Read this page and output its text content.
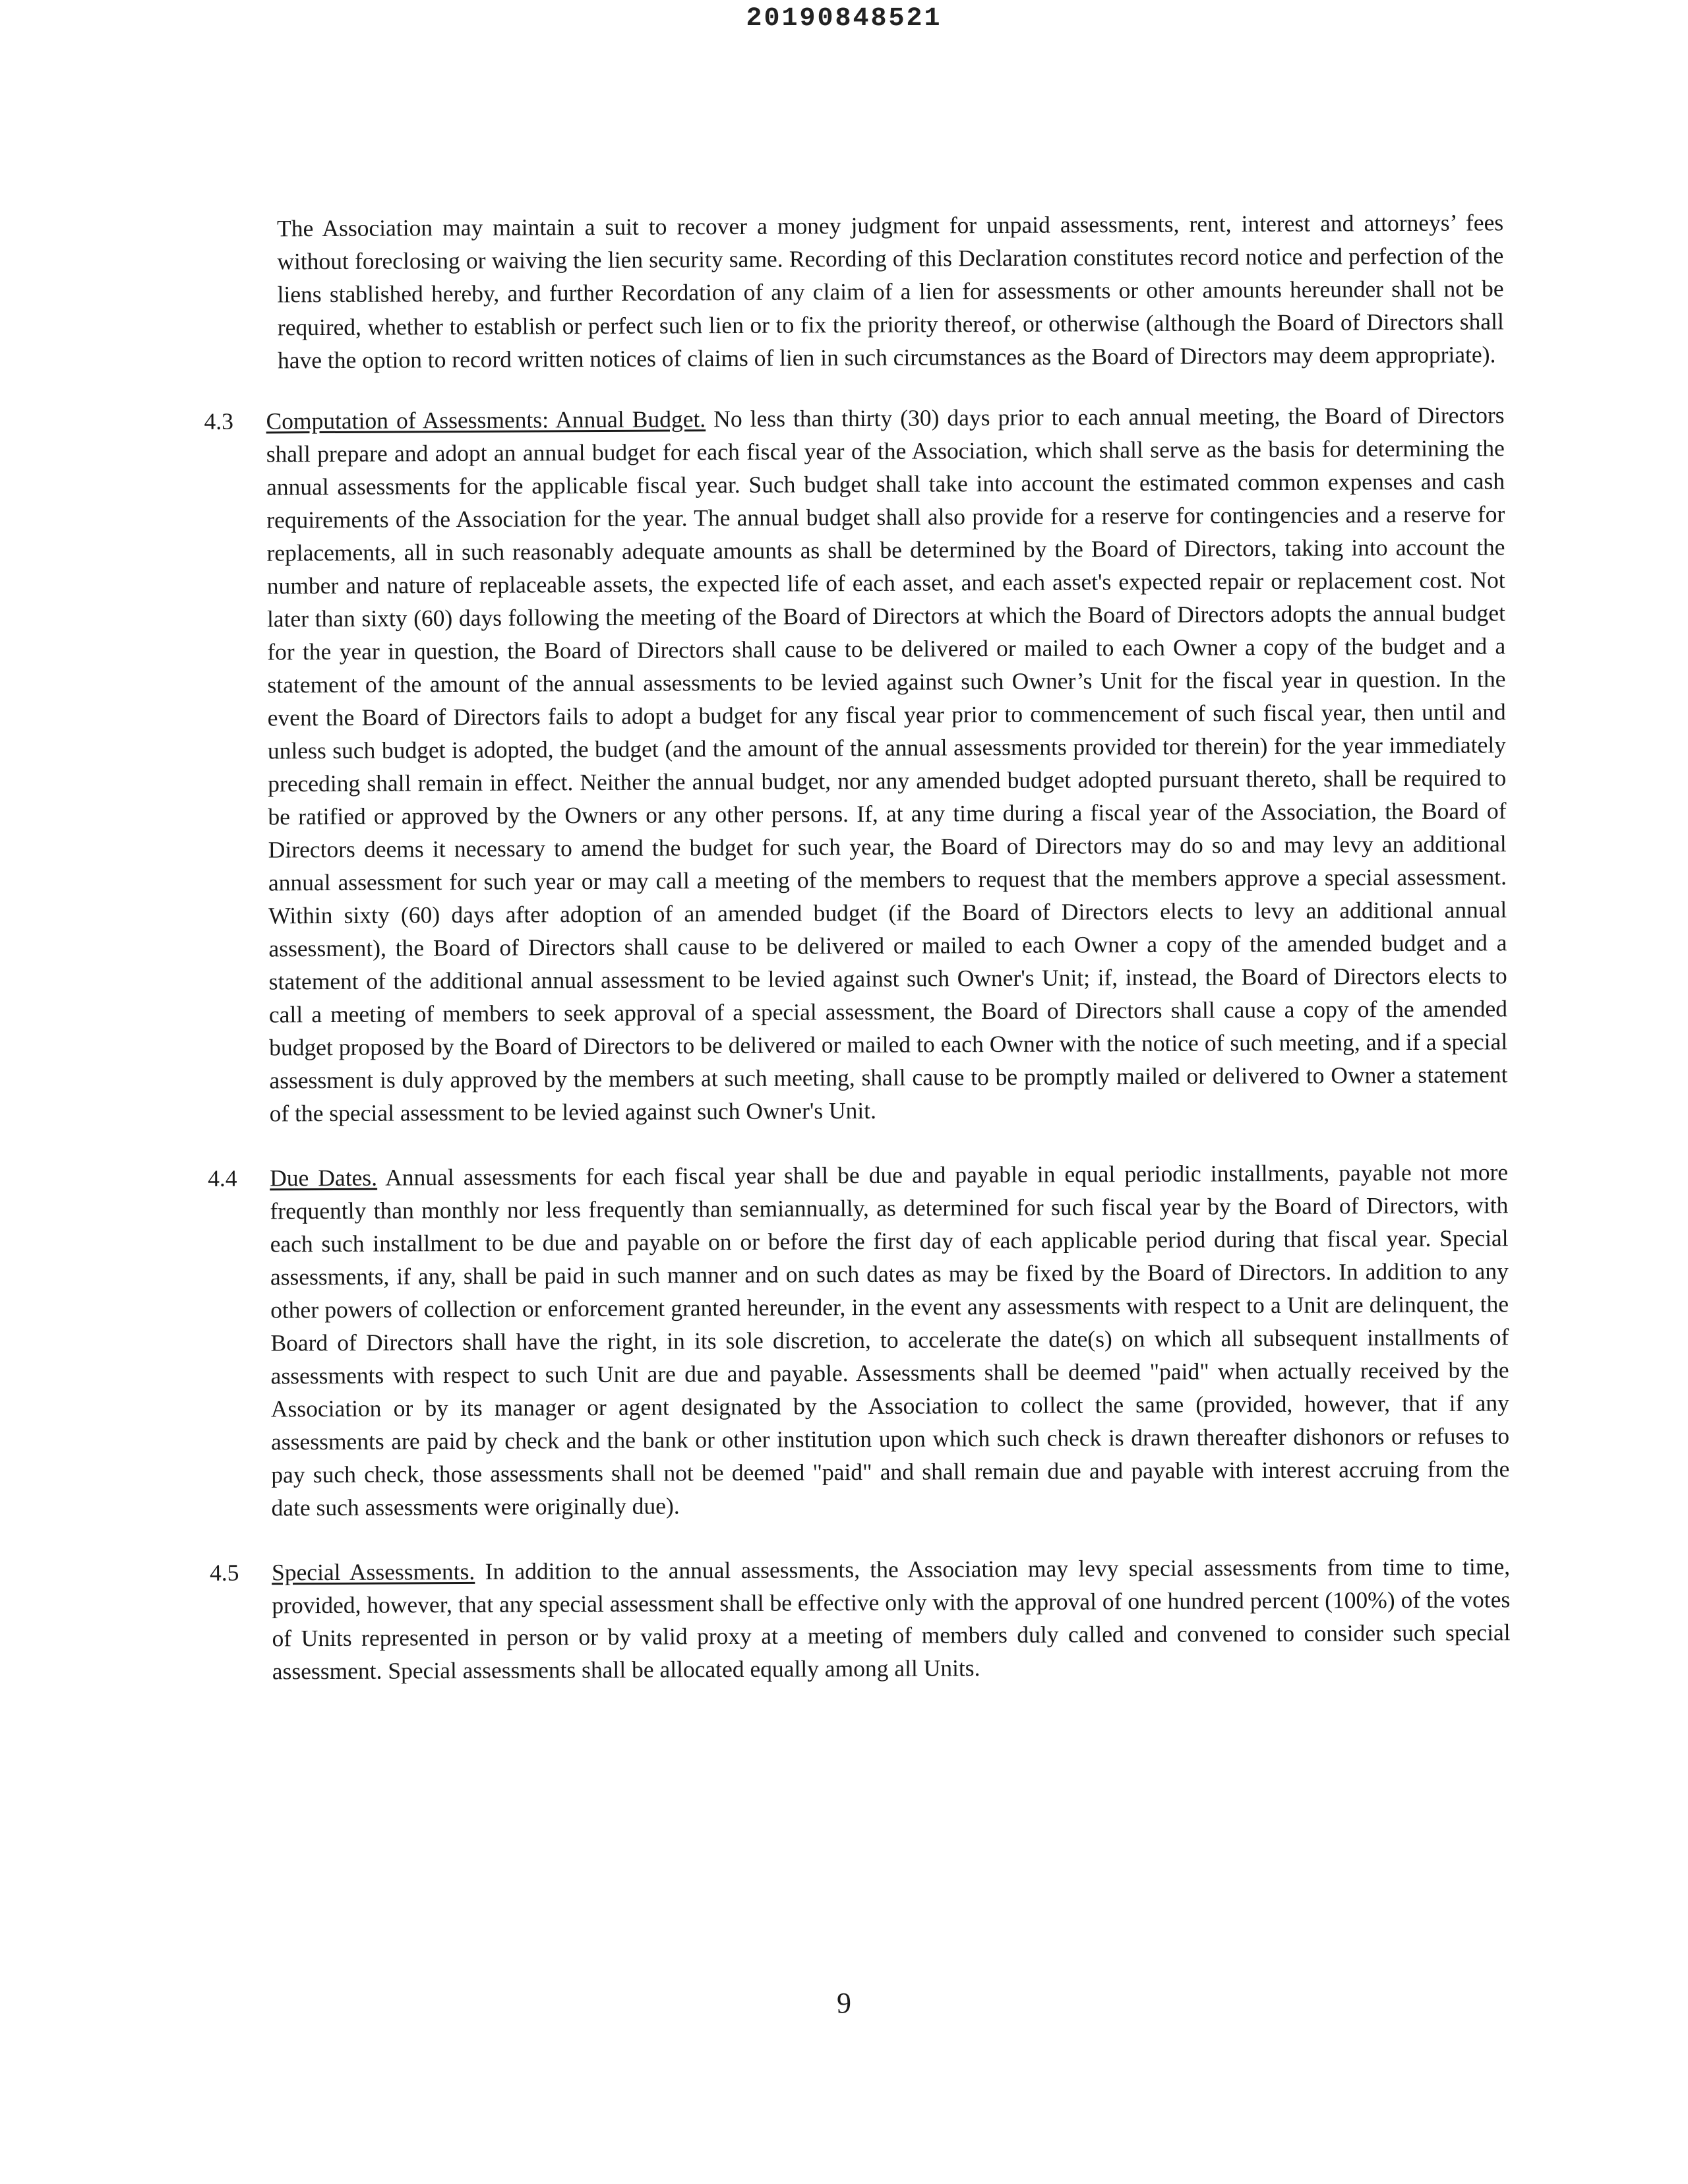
20190848521

The Association may maintain a suit to recover a money judgment for unpaid assessments, rent, interest and attorneys’ fees without foreclosing or waiving the lien security same. Recording of this Declaration constitutes record notice and perfection of the liens stablished hereby, and further Recordation of any claim of a lien for assessments or other amounts hereunder shall not be required, whether to establish or perfect such lien or to fix the priority thereof, or otherwise (although the Board of Directors shall have the option to record written notices of claims of lien in such circumstances as the Board of Directors may deem appropriate).

4.3 Computation of Assessments: Annual Budget. No less than thirty (30) days prior to each annual meeting, the Board of Directors shall prepare and adopt an annual budget for each fiscal year of the Association, which shall serve as the basis for determining the annual assessments for the applicable fiscal year. Such budget shall take into account the estimated common expenses and cash requirements of the Association for the year. The annual budget shall also provide for a reserve for contingencies and a reserve for replacements, all in such reasonably adequate amounts as shall be determined by the Board of Directors, taking into account the number and nature of replaceable assets, the expected life of each asset, and each asset's expected repair or replacement cost. Not later than sixty (60) days following the meeting of the Board of Directors at which the Board of Directors adopts the annual budget for the year in question, the Board of Directors shall cause to be delivered or mailed to each Owner a copy of the budget and a statement of the amount of the annual assessments to be levied against such Owner’s Unit for the fiscal year in question. In the event the Board of Directors fails to adopt a budget for any fiscal year prior to commencement of such fiscal year, then until and unless such budget is adopted, the budget (and the amount of the annual assessments provided tor therein) for the year immediately preceding shall remain in effect. Neither the annual budget, nor any amended budget adopted pursuant thereto, shall be required to be ratified or approved by the Owners or any other persons. If, at any time during a fiscal year of the Association, the Board of Directors deems it necessary to amend the budget for such year, the Board of Directors may do so and may levy an additional annual assessment for such year or may call a meeting of the members to request that the members approve a special assessment. Within sixty (60) days after adoption of an amended budget (if the Board of Directors elects to levy an additional annual assessment), the Board of Directors shall cause to be delivered or mailed to each Owner a copy of the amended budget and a statement of the additional annual assessment to be levied against such Owner's Unit; if, instead, the Board of Directors elects to call a meeting of members to seek approval of a special assessment, the Board of Directors shall cause a copy of the amended budget proposed by the Board of Directors to be delivered or mailed to each Owner with the notice of such meeting, and if a special assessment is duly approved by the members at such meeting, shall cause to be promptly mailed or delivered to Owner a statement of the special assessment to be levied against such Owner's Unit.

4.4 Due Dates. Annual assessments for each fiscal year shall be due and payable in equal periodic installments, payable not more frequently than monthly nor less frequently than semiannually, as determined for such fiscal year by the Board of Directors, with each such installment to be due and payable on or before the first day of each applicable period during that fiscal year. Special assessments, if any, shall be paid in such manner and on such dates as may be fixed by the Board of Directors. In addition to any other powers of collection or enforcement granted hereunder, in the event any assessments with respect to a Unit are delinquent, the Board of Directors shall have the right, in its sole discretion, to accelerate the date(s) on which all subsequent installments of assessments with respect to such Unit are due and payable. Assessments shall be deemed "paid" when actually received by the Association or by its manager or agent designated by the Association to collect the same (provided, however, that if any assessments are paid by check and the bank or other institution upon which such check is drawn thereafter dishonors or refuses to pay such check, those assessments shall not be deemed "paid" and shall remain due and payable with interest accruing from the date such assessments were originally due).

4.5 Special Assessments. In addition to the annual assessments, the Association may levy special assessments from time to time, provided, however, that any special assessment shall be effective only with the approval of one hundred percent (100%) of the votes of Units represented in person or by valid proxy at a meeting of members duly called and convened to consider such special assessment. Special assessments shall be allocated equally among all Units.

9
